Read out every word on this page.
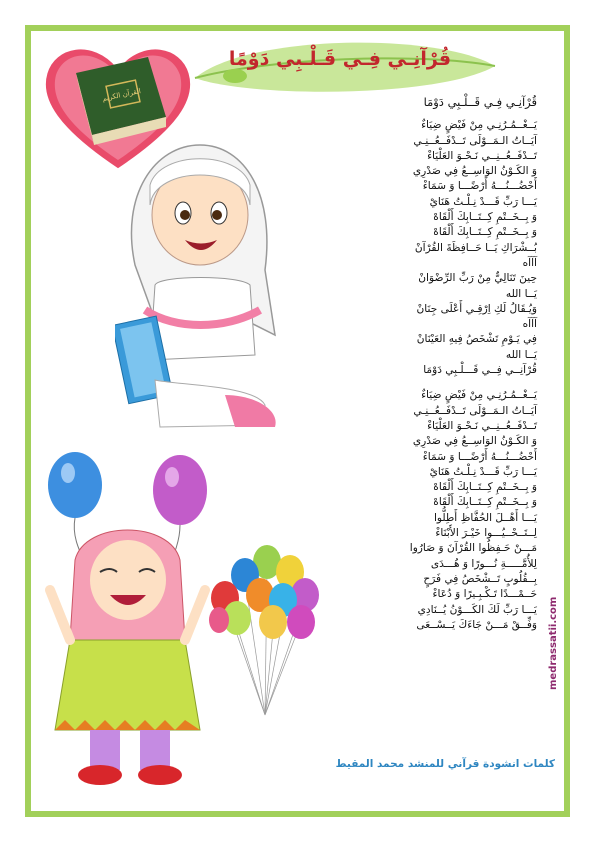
القرآن الكريم
قُرْآنِـي فِـي قَـلْـبِي دَوْمًا
قُرْآنِـي فِـي قَــلْـبِي دَوْمَا
يَــغْــمُـرُنِـي مِنْ فَيْضٍ ضِيَاءٌ
آيَــاتُ الـمَــوْلَى تَــدْفَــعُــنِـي
تَــدْفَــعُــنِــي نَـحْـوَ العَلْيَاءْ
وَ الكَـوْنُ الوَاسِــعُ فِي صَدْرِي
أَحْضُـــنُـــهُ أَرْضًـــا وَ سَمَاءْ
يَـــا رَبِّ قَـــدْ نِـلْـتُ هَنَايْ
وَ بِــخَــتْمِ كِــتَــابِكَ أَلْقَاهْ
وَ بِــخَــتْمِ كِــتَــابِكَ أَلْقَاهْ
بُــشْرَاكِ يَــا حَــافِظَةَ القُرْآنْ
آآآه
حِينَ تَنَالِيٌّ مِنْ رَبِّ الرِّضْوَانْ
يَــا الله
وَيُـقَالُ لَكِ اِرْقِـي أَعْلَى جِنَانْ
آآآه
فِي يَـوْمِ تَشْخَصُ فِيهِ العَيْنَانْ
يَــا الله
قُرْآنِــي فِــي قَـــلْـبِي دَوْمَا
يَــغْــمُـرُنِـي مِنْ فَيْضٍ ضِيَاءٌ
آيَــاتُ الـمَــوْلَى تَــدْفَــعُــنِـي
تَــدْفَــعُــنِــي نَـحْـوَ العَلْيَاءْ
وَ الكَـوْنُ الوَاسِــعُ فِي صَدْرِي
أَحْضُـــنُـــهُ أَرْضًـــا وَ سَمَاءْ
يَـــا رَبِّ قَـــدْ نِـلْـتُ هَنَايْ
وَ بِــخَــتْمِ كِــتَــابِكَ أَلْقَاهْ
وَ بِــخَــتْمِ كِــتَــابِكَ أَلْقَاهْ
يَـــا أَهْــلَ الحُفَّاظِ أَطِلُّوا
لِــتَــحْــيُـــوا خَيْـرَ الأَبْنَاءْ
مَـــنْ حَـفِظُوا القُرْآنَ وَ صَارُوا
لِلأُمَّـــــةِ نُـــورًا وَ هُـــدَى
بِــقُلُوبٍ تَــشْخَصُ فِي فَرَحٍ
حَــمْـــدًا تَـكْـبِـيرًا وَ دُعَاءْ
يَـــا رَبِّ لَكَ الكَـــوْنُ يُــنَادِي
وَفِّــقْ مَـــنْ جَاءَكَ يَــسْــعَى
كلمات انشودة قرآني للمنشد محمد المقيط
medrassatii.com
